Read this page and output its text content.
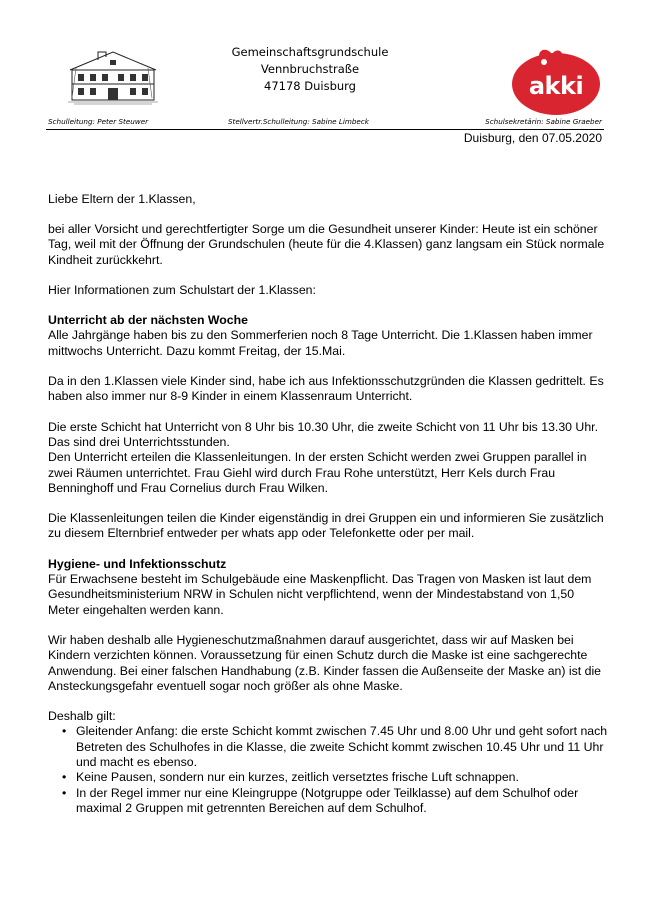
Gemeinschaftsgrundschule
Vennbruchstraße
47178 Duisburg	akki
Schulleitung: Peter Steuwer	Stellvertr.Schulleitung: Sabine Limbeck	Schulsekretärin: Sabine Graeber
Duisburg, den 07.05.2020
Liebe Eltern der 1.Klassen,

bei aller Vorsicht und gerechtfertigter Sorge um die Gesundheit unserer Kinder: Heute ist ein schöner Tag, weil mit der Öffnung der Grundschulen (heute für die 4.Klassen) ganz langsam ein Stück normale Kindheit zurückkehrt.

Hier Informationen zum Schulstart der 1.Klassen:

Unterricht ab der nächsten Woche

Alle Jahrgänge haben bis zu den Sommerferien noch 8 Tage Unterricht. Die 1.Klassen haben immer mittwochs Unterricht. Dazu kommt Freitag, der 15.Mai.

Da in den 1.Klassen viele Kinder sind, habe ich aus Infektionsschutzgründen die Klassen gedrittelt. Es haben also immer nur 8-9 Kinder in einem Klassenraum Unterricht.

Die erste Schicht hat Unterricht von 8 Uhr bis 10.30 Uhr, die zweite Schicht von 11 Uhr bis 13.30 Uhr. Das sind drei Unterrichtsstunden.

Den Unterricht erteilen die Klassenleitungen. In der ersten Schicht werden zwei Gruppen parallel in zwei Räumen unterrichtet. Frau Giehl wird durch Frau Rohe unterstützt, Herr Kels durch Frau Benninghoff und Frau Cornelius durch Frau Wilken.

Die Klassenleitungen teilen die Kinder eigenständig in drei Gruppen ein und informieren Sie zusätzlich zu diesem Elternbrief entweder per whats app oder Telefonkette oder per mail.

Hygiene- und Infektionsschutz

Für Erwachsene besteht im Schulgebäude eine Maskenpflicht. Das Tragen von Masken ist laut dem Gesundheitsministerium NRW in Schulen nicht verpflichtend, wenn der Mindestabstand von 1,50 Meter eingehalten werden kann.

Wir haben deshalb alle Hygieneschutzmaßnahmen darauf ausgerichtet, dass wir auf Masken bei Kindern verzichten können. Voraussetzung für einen Schutz durch die Maske ist eine sachgerechte Anwendung. Bei einer falschen Handhabung (z.B. Kinder fassen die Außenseite der Maske an) ist die Ansteckungsgefahr eventuell sogar noch größer als ohne Maske.

Deshalb gilt:

• Gleitender Anfang: die erste Schicht kommt zwischen 7.45 Uhr und 8.00 Uhr und geht sofort nach Betreten des Schulhofes in die Klasse, die zweite Schicht kommt zwischen 10.45 Uhr und 11 Uhr und macht es ebenso.
• Keine Pausen, sondern nur ein kurzes, zeitlich versetztes frische Luft schnappen.
• In der Regel immer nur eine Kleingruppe (Notgruppe oder Teilklasse) auf dem Schulhof oder maximal 2 Gruppen mit getrennten Bereichen auf dem Schulhof.
